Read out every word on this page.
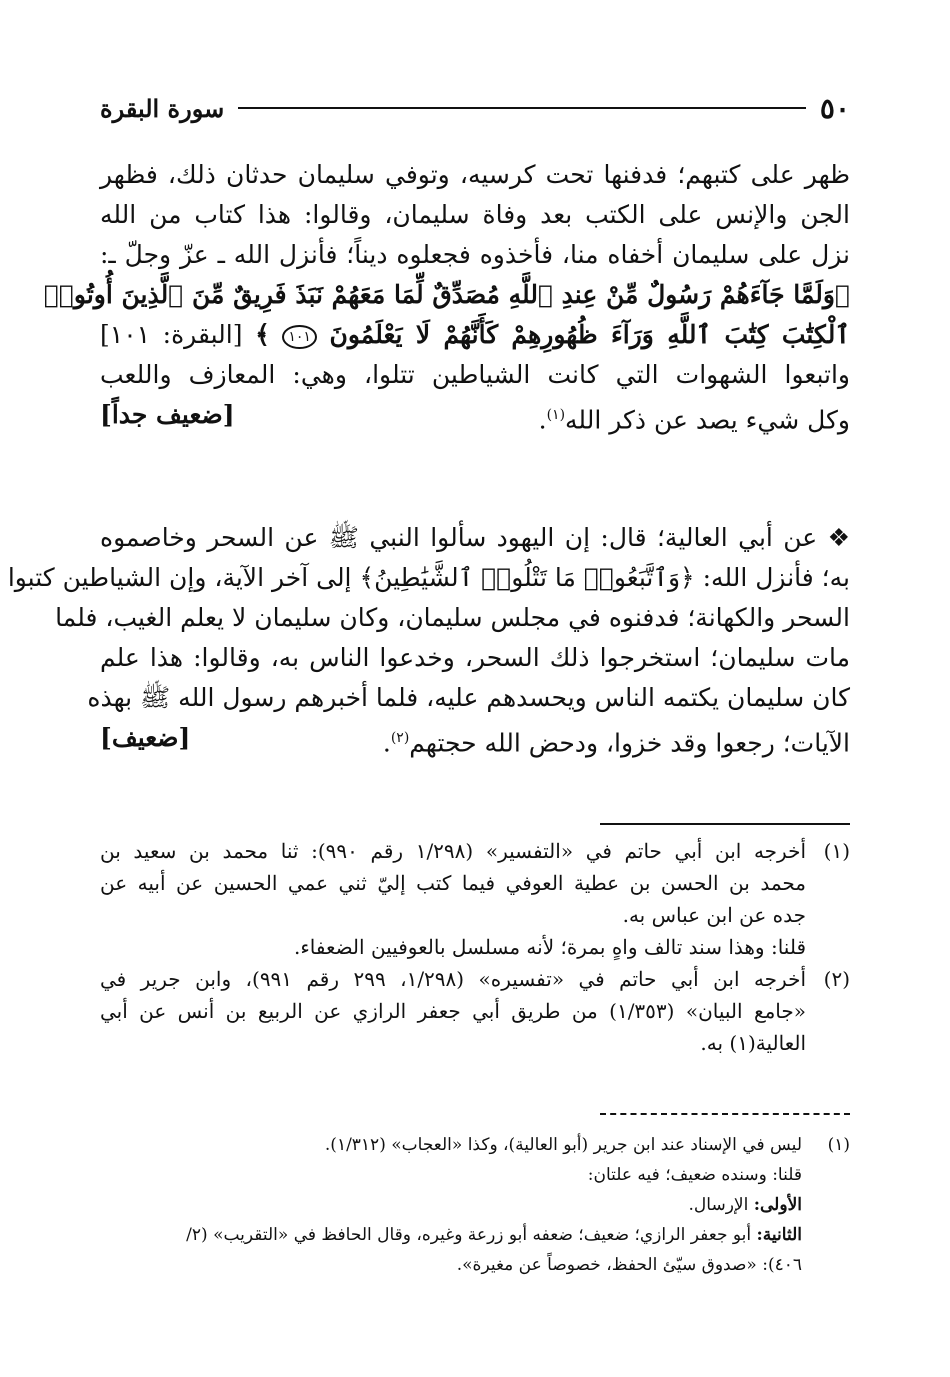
٥٠
سورة البقرة

ظهر على كتبهم؛ فدفنها تحت كرسيه، وتوفي سليمان حدثان ذلك، فظهر

الجن والإنس على الكتب بعد وفاة سليمان، وقالوا: هذا كتاب من الله

نزل على سليمان أخفاه منا، فأخذوه فجعلوه ديناً؛ فأنزل الله ـ عزّ وجلّ ـ:

﴿وَلَمَّا جَآءَهُمْ رَسُولٌ مِّنْ عِندِ ٱللَّهِ مُصَدِّقٌ لِّمَا مَعَهُمْ نَبَذَ فَرِيقٌ مِّنَ ٱلَّذِينَ أُوتُوا۟

ٱلْكِتَٰبَ كِتَٰبَ ٱللَّهِ وَرَآءَ ظُهُورِهِمْ كَأَنَّهُمْ لَا يَعْلَمُونَ ١٠١ ﴾ [البقرة: ١٠١]

واتبعوا الشهوات التي كانت الشياطين تتلوا، وهي: المعازف واللعب

وكل شيء يصد عن ذكر الله$^{(١)}$.
[ضعيف جداً]

❖ عن أبي العالية؛ قال: إن اليهود سألوا النبي ﷺ عن السحر وخاصموه

به؛ فأنزل الله: ﴿وَٱتَّبَعُوا۟ مَا تَتْلُوا۟ ٱلشَّيَٰطِينُ﴾ إلى آخر الآية، وإن الشياطين كتبوا

السحر والكهانة؛ فدفنوه في مجلس سليمان، وكان سليمان لا يعلم الغيب، فلما

مات سليمان؛ استخرجوا ذلك السحر، وخدعوا الناس به، وقالوا: هذا علم

كان سليمان يكتمه الناس ويحسدهم عليه، فلما أخبرهم رسول الله ﷺ بهذه

الآيات؛ رجعوا وقد خزوا، ودحض الله حجتهم$^{(٢)}$.
[ضعيف]

(١)
أخرجه ابن أبي حاتم في «التفسير» (١/٢٩٨ رقم ٩٩٠): ثنا محمد بن سعيد بن
محمد بن الحسن بن عطية العوفي فيما كتب إليّ ثني عمي الحسين عن أبيه عن
جده عن ابن عباس به.
قلنا: وهذا سند تالف واهٍ بمرة؛ لأنه مسلسل بالعوفيين الضعفاء.
(٢)
أخرجه ابن أبي حاتم في «تفسيره» (١/٢٩٨، ٢٩٩ رقم ٩٩١)، وابن جرير في
«جامع البيان» (١/٣٥٣) من طريق أبي جعفر الرازي عن الربيع بن أنس عن أبي
العالية(١) به.
(١)
ليس في الإسناد عند ابن جرير (أبو العالية)، وكذا «العجاب» (١/٣١٢).
قلنا: وسنده ضعيف؛ فيه علتان:
الأولى: الإرسال.
الثانية: أبو جعفر الرازي؛ ضعيف؛ ضعفه أبو زرعة وغيره، وقال الحافظ في «التقريب» (٢/
٤٠٦): «صدوق سيّئ الحفظ، خصوصاً عن مغيرة».
